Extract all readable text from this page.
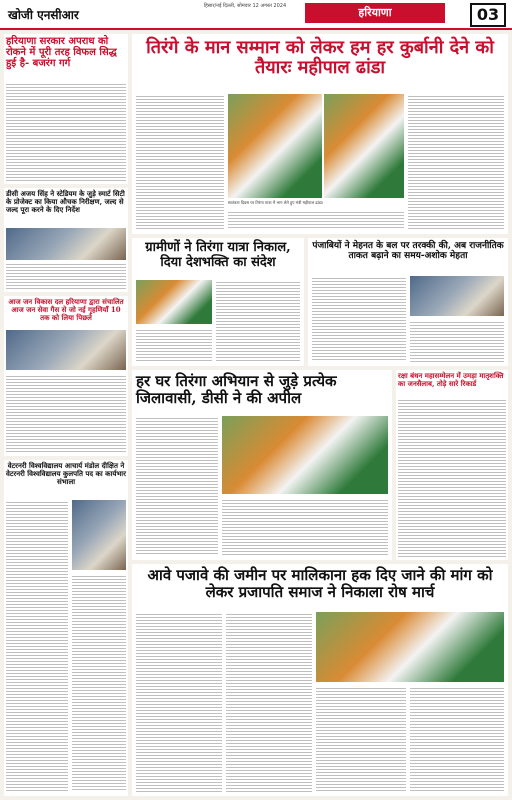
खोजी एनसीआर
हिसार/नई दिल्ली, सोमवार 12 अगस्त 2024	हरियाणा	03
हरियाणा सरकार अपराध को रोकने में पूरी तरह विफल सिद्ध हुई है- बजरंग गर्ग
डीसी अजय सिंह ने स्टेडियम के जुड़े स्मार्ट सिटी के प्रोजेक्ट का किया औचक निरीक्षण, जल्द से जल्द पूरा करने के दिए निर्देश
तिरंगे के मान सम्मान को लेकर हम हर कुर्बानी देने को तैयारः महीपाल ढांडा
स्वतंत्रता दिवस पर तिरंगा यात्रा में भाग लेते हुए मंत्री महीपाल ढांडा।
ग्रामीणों ने तिरंगा यात्रा निकाल, दिया देशभक्ति का संदेश
पंजाबियों ने मेहनत के बल पर तरक्की की, अब राजनीतिक ताकत बढ़ाने का समय-अशोक मेहता
आज जन विकास दल हरियाणा द्वारा संचालित आज जन सेवा गैस से जो नई गृहणियाँ 10 तक को लिया पिछले
हर घर तिरंगा अभियान से जुड़े प्रत्येक जिलावासी, डीसी ने की अपील
रक्षा बंधन महासम्मेलन में उमड़ा मातृशक्ति का जनसैलाब, तोड़े सारे रिकार्ड
वेटरनरी विश्वविद्यालय आचार्य मंडोल दीक्षित ने वेटरनरी विश्वविद्यालय कुलपति पद का कार्यभार संभाला
आवे पजावे की जमीन पर मालिकाना हक दिए जाने की मांग को लेकर प्रजापति समाज ने निकाला रोष मार्च
